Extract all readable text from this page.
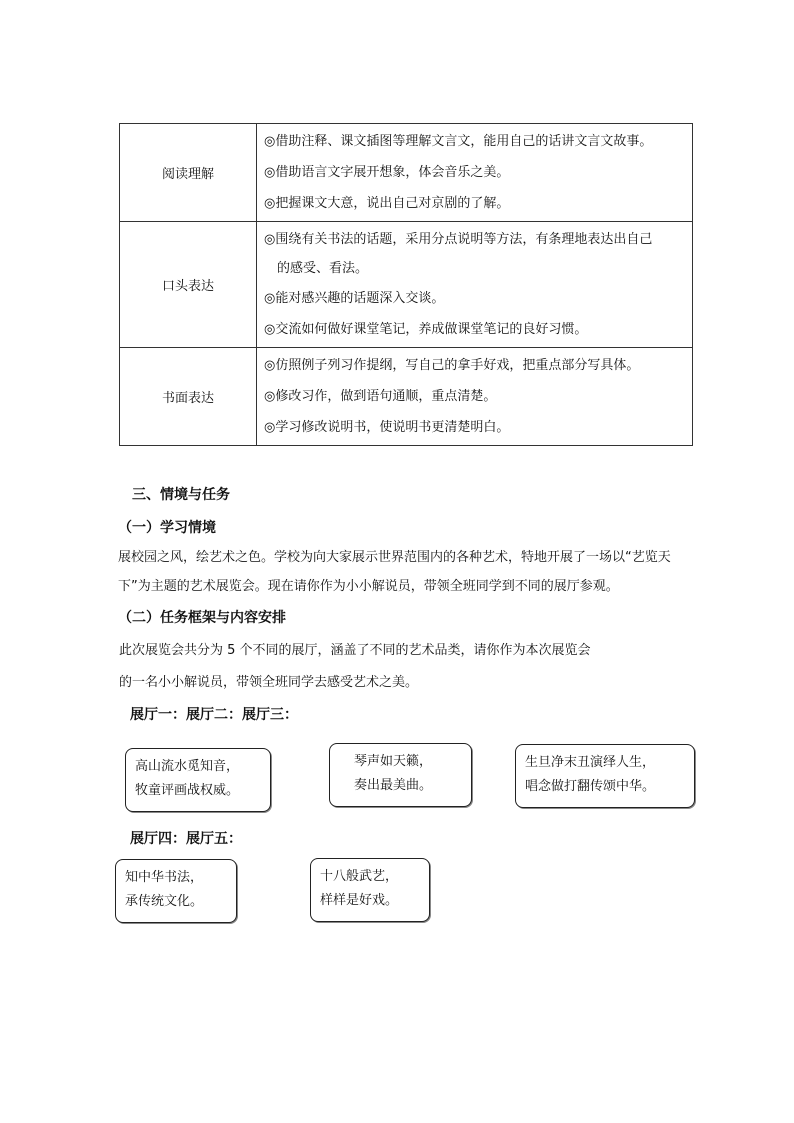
阅读理解	◎借助注释、课文插图等理解文言文，能用自己的话讲文言文故事。
◎借助语言文字展开想象，体会音乐之美。
◎把握课文大意，说出自己对京剧的了解。

口头表达	◎围绕有关书法的话题，采用分点说明等方法，有条理地表达出自己
的感受、看法。
◎能对感兴趣的话题深入交谈。
◎交流如何做好课堂笔记，养成做课堂笔记的良好习惯。

书面表达	◎仿照例子列习作提纲，写自己的拿手好戏，把重点部分写具体。
◎修改习作，做到语句通顺，重点清楚。
◎学习修改说明书，使说明书更清楚明白。
三、情境与任务
（一）学习情境
展校园之风，绘艺术之色。学校为向大家展示世界范围内的各种艺术，特地开展了一场以“艺览天
下”为主题的艺术展览会。现在请你作为小小解说员，带领全班同学到不同的展厅参观。
（二）任务框架与内容安排
此次展览会共分为 5 个不同的展厅，涵盖了不同的艺术品类，请你作为本次展览会
的一名小小解说员，带领全班同学去感受艺术之美。
展厅一：展厅二：展厅三：
高山流水觅知音，
牧童评画战权威。
琴声如天籁，
奏出最美曲。
生旦净末丑演绎人生，
唱念做打翻传颂中华。
展厅四：展厅五：
知中华书法，
承传统文化。
十八般武艺，
样样是好戏。
